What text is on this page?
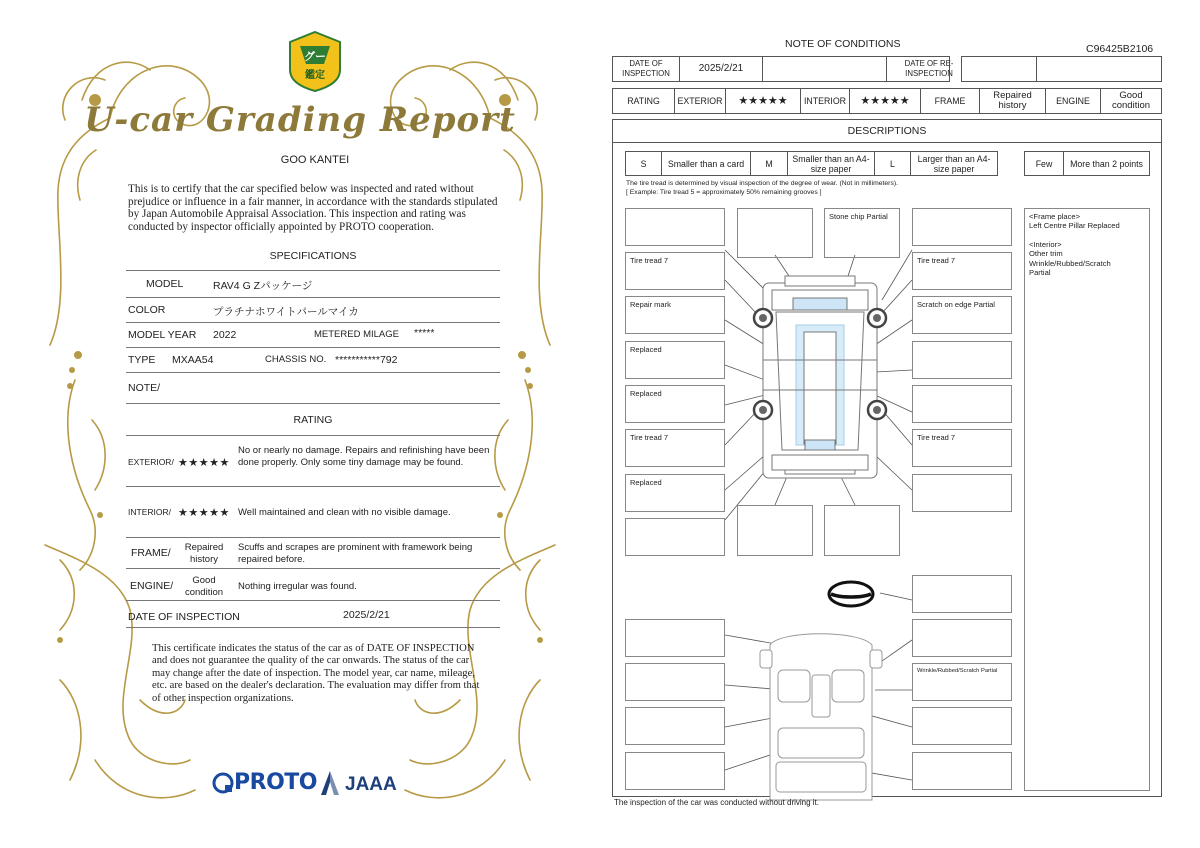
グー
鑑定
U-car Grading Report
GOO KANTEI
This is to certify that the car specified below was inspected and rated without prejudice or influence in a fair manner, in accordance with the standards stipulated by Japan Automobile Appraisal Association. This inspection and rating was conducted by inspector officially appointed by PROTO cooperation.
SPECIFICATIONS
MODEL	RAV4 G Zパッケージ
COLOR	プラチナホワイトパールマイカ
MODEL YEAR 2022	METERED MILAGE *****
TYPE MXAA54	CHASSIS NO. ***********792
NOTE/
RATING
EXTERIOR/ ★★★★★
No or nearly no damage. Repairs and refinishing have been done properly. Only some tiny damage may be found.
INTERIOR/ ★★★★★ Well maintained and clean with no visible damage.
FRAME/	Repaired history
Scuffs and scrapes are prominent with framework being repaired before.
ENGINE/	Good condition	Nothing irregular was found.
DATE OF INSPECTION	2025/2/21
This certificate indicates the status of the car as of DATE OF INSPECTION and does not guarantee the quality of the car onwards. The status of the car may change after the date of inspection. The model year, car name, mileage, etc. are based on the dealer's declaration. The evaluation may differ from that of other inspection organizations.
PROTO JAAA
NOTE OF CONDITIONS	C96425B2106
DATE OF INSPECTION	2025/2/21	DATE OF RE-INSPECTION
RATING	EXTERIOR	★★★★★	INTERIOR	★★★★★	FRAME	Repaired history	ENGINE	Good condition
DESCRIPTIONS
S	Smaller than a card	M	Smaller than an A4-size paper	L	Larger than an A4-size paper	Few	More than 2 points
The tire tread is determined by visual inspection of the degree of wear. (Not in millimeters).
[ Example: Tire tread 5 = approximately 50% remaining grooves ]
Tire tread 7
Repair mark
Replaced
Replaced
Tire tread 7
Replaced
Stone chip Partial
Tire tread 7
Scratch on edge Partial
Tire tread 7
Wrinkle/Rubbed/Scratch Partial
<Frame place>
Left Centre Pillar Replaced
<Interior>
Other trim
Wrinkle/Rubbed/Scratch
Partial
The inspection of the car was conducted without driving it.
